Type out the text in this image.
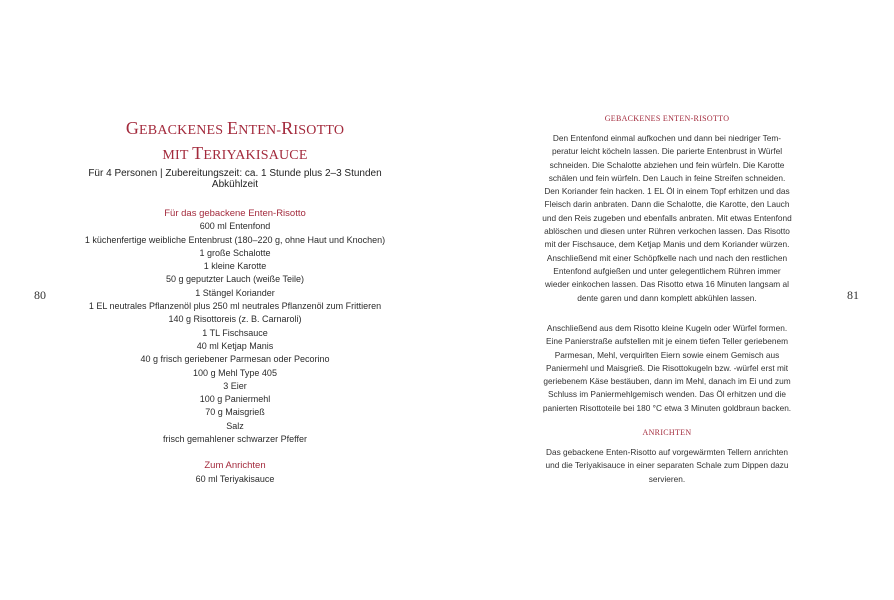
80
GEBACKENES ENTEN-RISOTTO
MIT TERIYAKISAUCE
Für 4 Personen | Zubereitungszeit: ca. 1 Stunde plus 2–3 Stunden Abkühlzeit
Für das gebackene Enten-Risotto
600 ml Entenfond
1 küchenfertige weibliche Entenbrust (180–220 g, ohne Haut und Knochen)
1 große Schalotte
1 kleine Karotte
50 g geputzter Lauch (weiße Teile)
1 Stängel Koriander
1 EL neutrales Pflanzenöl plus 250 ml neutrales Pflanzenöl zum Frittieren
140 g Risottoreis (z. B. Carnaroli)
1 TL Fischsauce
40 ml Ketjap Manis
40 g frisch geriebener Parmesan oder Pecorino
100 g Mehl Type 405
3 Eier
100 g Paniermehl
70 g Maisgrieß
Salz
frisch gemahlener schwarzer Pfeffer
Zum Anrichten
60 ml Teriyakisauce
81
GEBACKENES ENTEN-RISOTTO
Den Entenfond einmal aufkochen und dann bei niedriger Tem-
peratur leicht köcheln lassen. Die parierte Entenbrust in Würfel
schneiden. Die Schalotte abziehen und fein würfeln. Die Karotte
schälen und fein würfeln. Den Lauch in feine Streifen schneiden.
Den Koriander fein hacken. 1 EL Öl in einem Topf erhitzen und das
Fleisch darin anbraten. Dann die Schalotte, die Karotte, den Lauch
und den Reis zugeben und ebenfalls anbraten. Mit etwas Entenfond
ablöschen und diesen unter Rühren verkochen lassen. Das Risotto
mit der Fischsauce, dem Ketjap Manis und dem Koriander würzen.
Anschließend mit einer Schöpfkelle nach und nach den restlichen
Entenfond aufgießen und unter gelegentlichem Rühren immer
wieder einkochen lassen. Das Risotto etwa 16 Minuten langsam al
dente garen und dann komplett abkühlen lassen.
Anschließend aus dem Risotto kleine Kugeln oder Würfel formen.
Eine Panierstraße aufstellen mit je einem tiefen Teller geriebenem
Parmesan, Mehl, verquirlten Eiern sowie einem Gemisch aus
Paniermehl und Maisgrieß. Die Risottokugeln bzw. -würfel erst mit
geriebenem Käse bestäuben, dann im Mehl, danach im Ei und zum
Schluss im Paniermehlgemisch wenden. Das Öl erhitzen und die
panierten Risottoteile bei 180 °C etwa 3 Minuten goldbraun backen.
ANRICHTEN
Das gebackene Enten-Risotto auf vorgewärmten Tellern anrichten
und die Teriyakisauce in einer separaten Schale zum Dippen dazu
servieren.
